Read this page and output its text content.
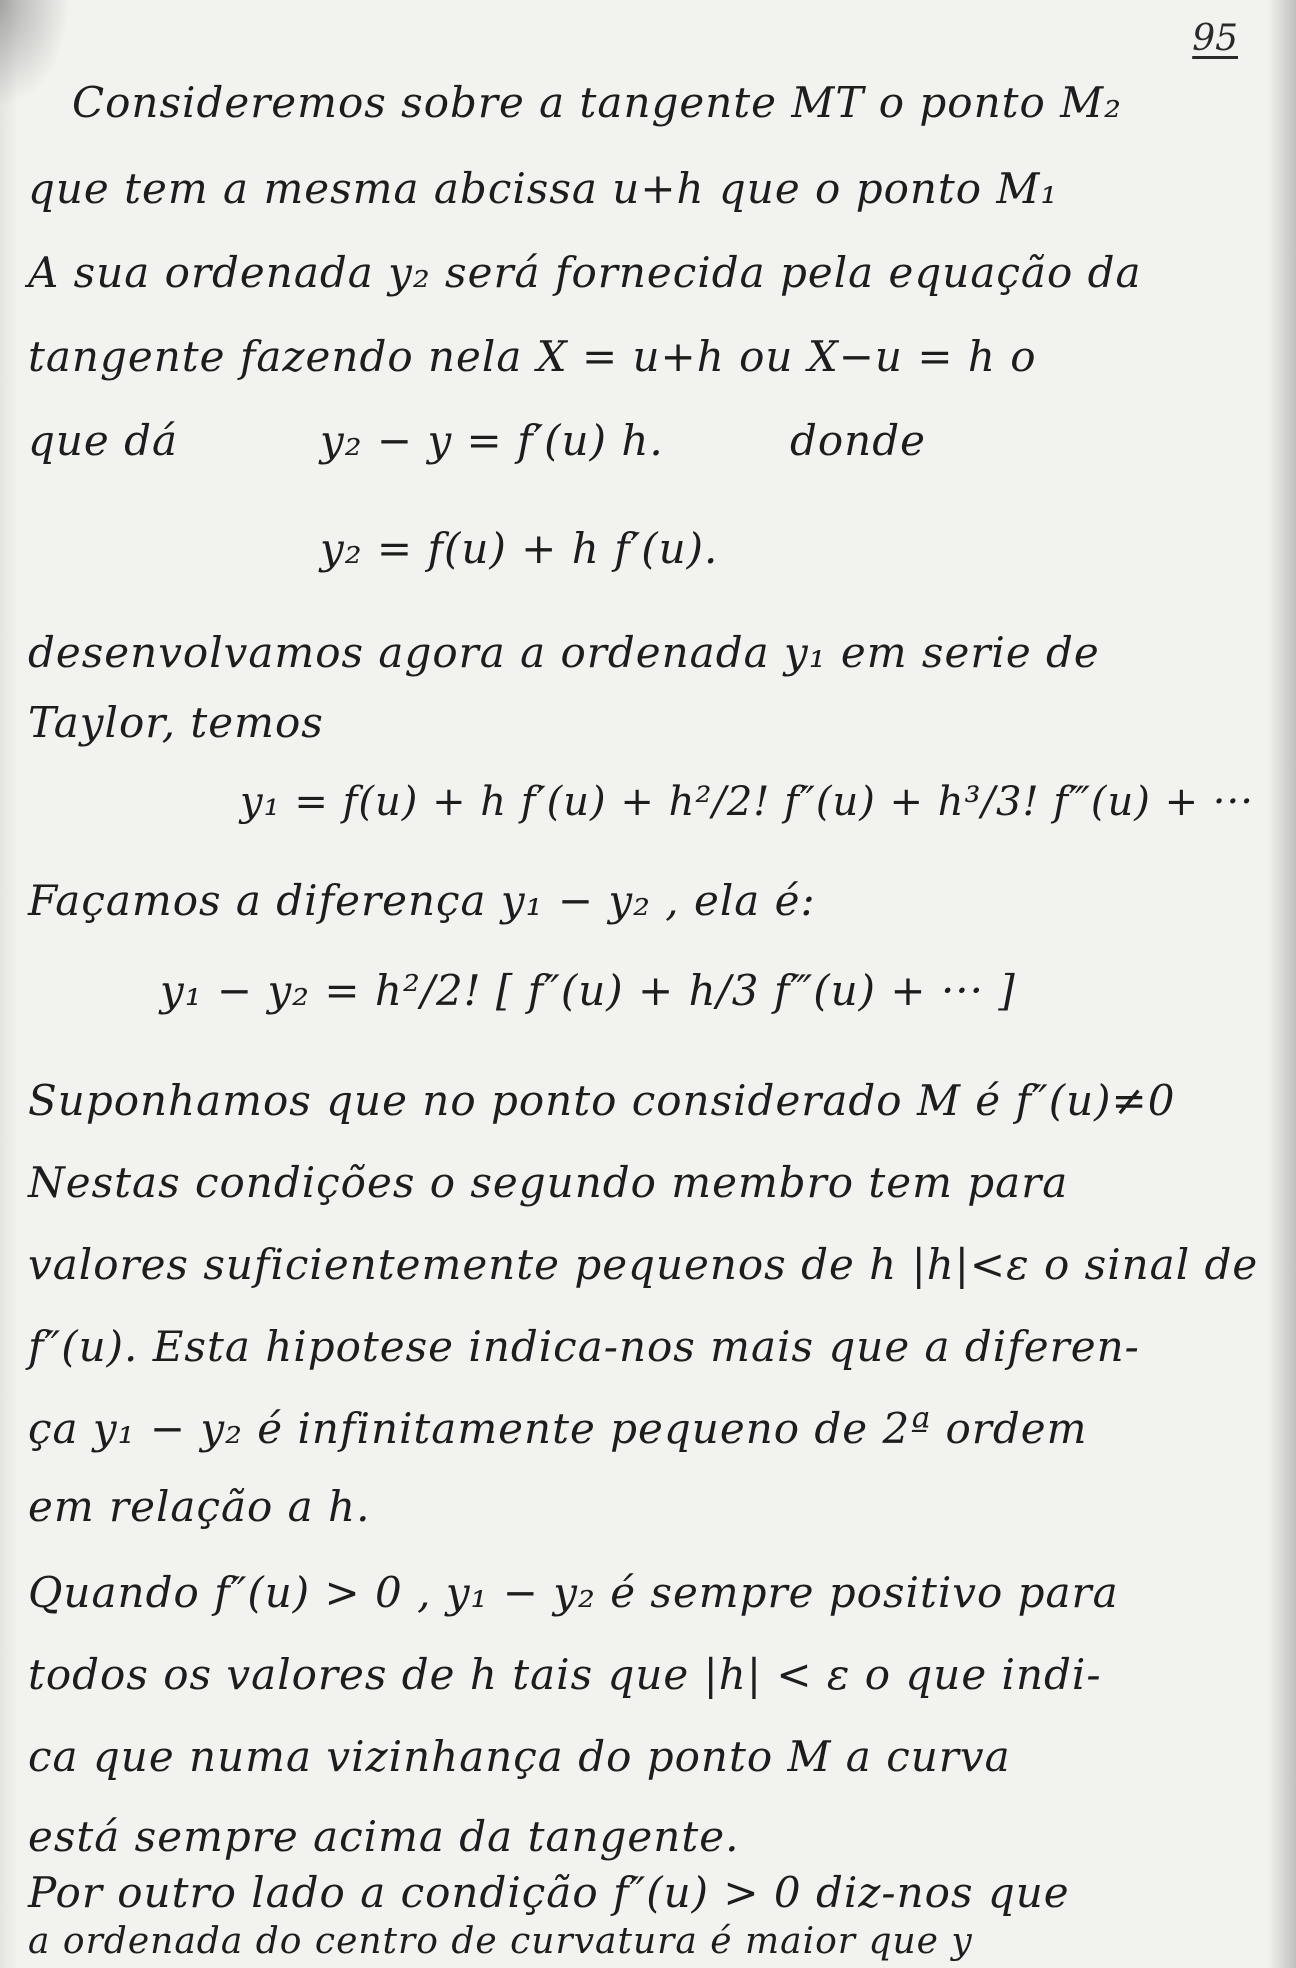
95
Consideremos sobre a tangente MT o ponto M₂
que tem a mesma abcissa u+h que o ponto M₁
A sua ordenada y₂ será fornecida pela equação da
tangente fazendo nela X = u+h ou X−u = h o
que dá	y₂ − y = f′(u) h.	donde
y₂ = f(u) + h f′(u).
desenvolvamos agora a ordenada y₁ em serie de
Taylor, temos
y₁ = f(u) + h f′(u) + h²/2! f″(u) + h³/3! f‴(u) + ···
Façamos a diferença y₁ − y₂ , ela é:
y₁ − y₂ = h²/2! [ f″(u) + h/3 f‴(u) + ··· ]
Suponhamos que no ponto considerado M é f″(u)≠0
Nestas condições o segundo membro tem para
valores suficientemente pequenos de h |h|<ε o sinal de
f″(u). Esta hipotese indica-nos mais que a diferen-
ça y₁ − y₂ é infinitamente pequeno de 2ª ordem
em relação a h.
Quando f″(u) > 0 , y₁ − y₂ é sempre positivo para
todos os valores de h tais que |h| < ε o que indi-
ca que numa vizinhança do ponto M a curva
está sempre acima da tangente.
Por outro lado a condição f″(u) > 0 diz-nos que
a ordenada do centro de curvatura é maior que y
